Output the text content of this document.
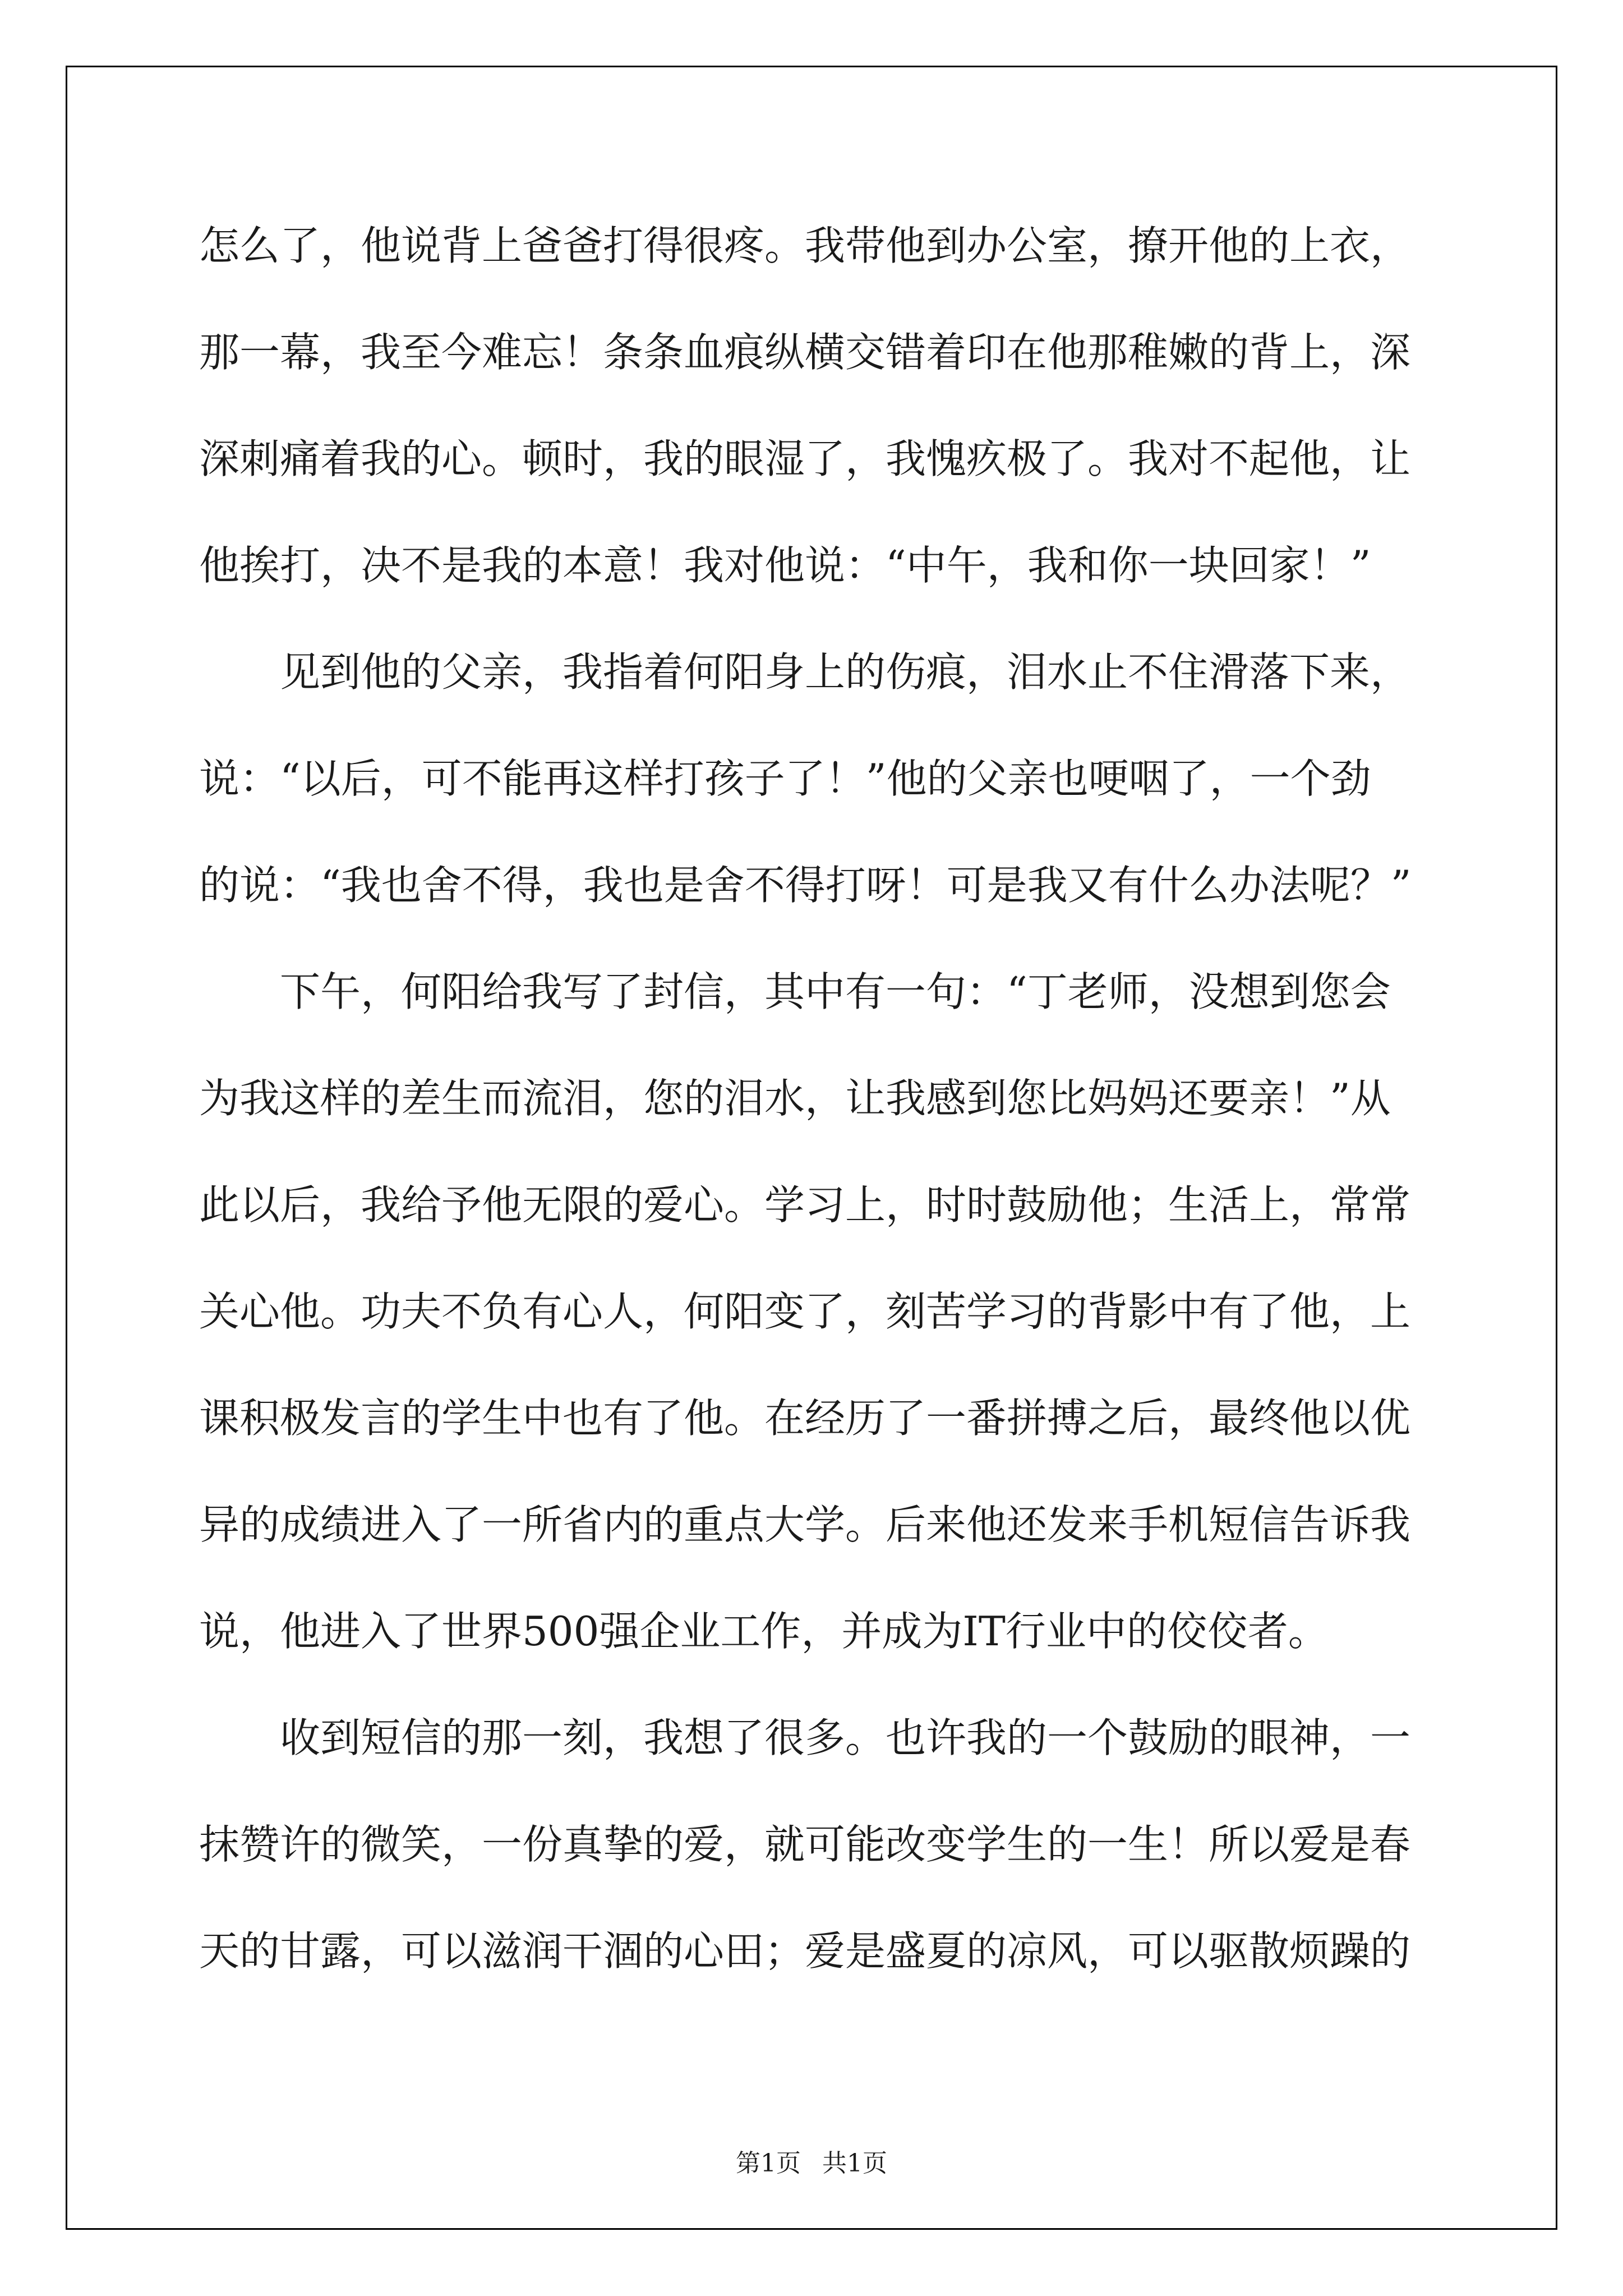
怎么了，他说背上爸爸打得很疼。我带他到办公室，撩开他的上衣，
那一幕，我至今难忘！条条血痕纵横交错着印在他那稚嫩的背上，深
深刺痛着我的心。顿时，我的眼湿了，我愧疚极了。我对不起他，让
他挨打，决不是我的本意！我对他说：“中午，我和你一块回家！”
见到他的父亲，我指着何阳身上的伤痕，泪水止不住滑落下来，
说：“以后，可不能再这样打孩子了！”他的父亲也哽咽了，一个劲
的说：“我也舍不得，我也是舍不得打呀！可是我又有什么办法呢？”
下午，何阳给我写了封信，其中有一句：“丁老师，没想到您会
为我这样的差生而流泪，您的泪水，让我感到您比妈妈还要亲！”从
此以后，我给予他无限的爱心。学习上，时时鼓励他；生活上，常常
关心他。功夫不负有心人，何阳变了，刻苦学习的背影中有了他，上
课积极发言的学生中也有了他。在经历了一番拼搏之后，最终他以优
异的成绩进入了一所省内的重点大学。后来他还发来手机短信告诉我
说，他进入了世界500强企业工作，并成为IT行业中的佼佼者。
收到短信的那一刻，我想了很多。也许我的一个鼓励的眼神，一
抹赞许的微笑，一份真挚的爱，就可能改变学生的一生！所以爱是春
天的甘露，可以滋润干涸的心田；爱是盛夏的凉风，可以驱散烦躁的
第1页 共1页
